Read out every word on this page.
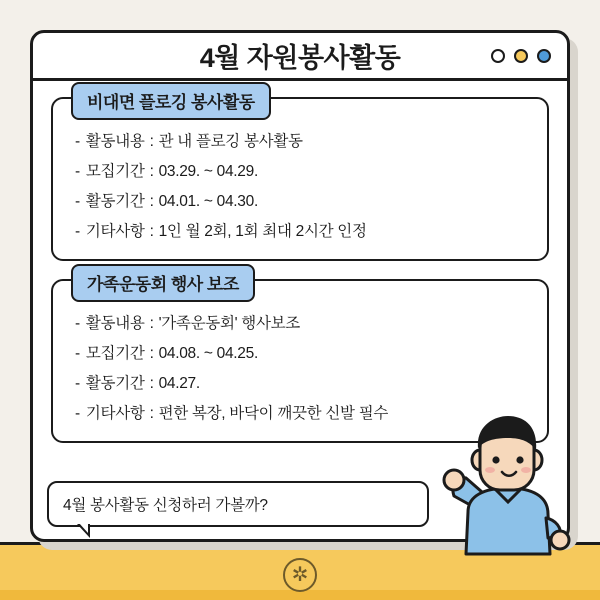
✲
4월 자원봉사활동
비대면 플로깅 봉사활동
- 활동내용 : 관 내 플로깅 봉사활동
- 모집기간 : 03.29. ~ 04.29.
- 활동기간 : 04.01. ~ 04.30.
- 기타사항 : 1인 월 2회, 1회 최대 2시간 인정
가족운동회 행사 보조
- 활동내용 : '가족운동회' 행사보조
- 모집기간 : 04.08. ~ 04.25.
- 활동기간 : 04.27.
- 기타사항 : 편한 복장, 바닥이 깨끗한 신발 필수
4월 봉사활동 신청하러 가볼까?
